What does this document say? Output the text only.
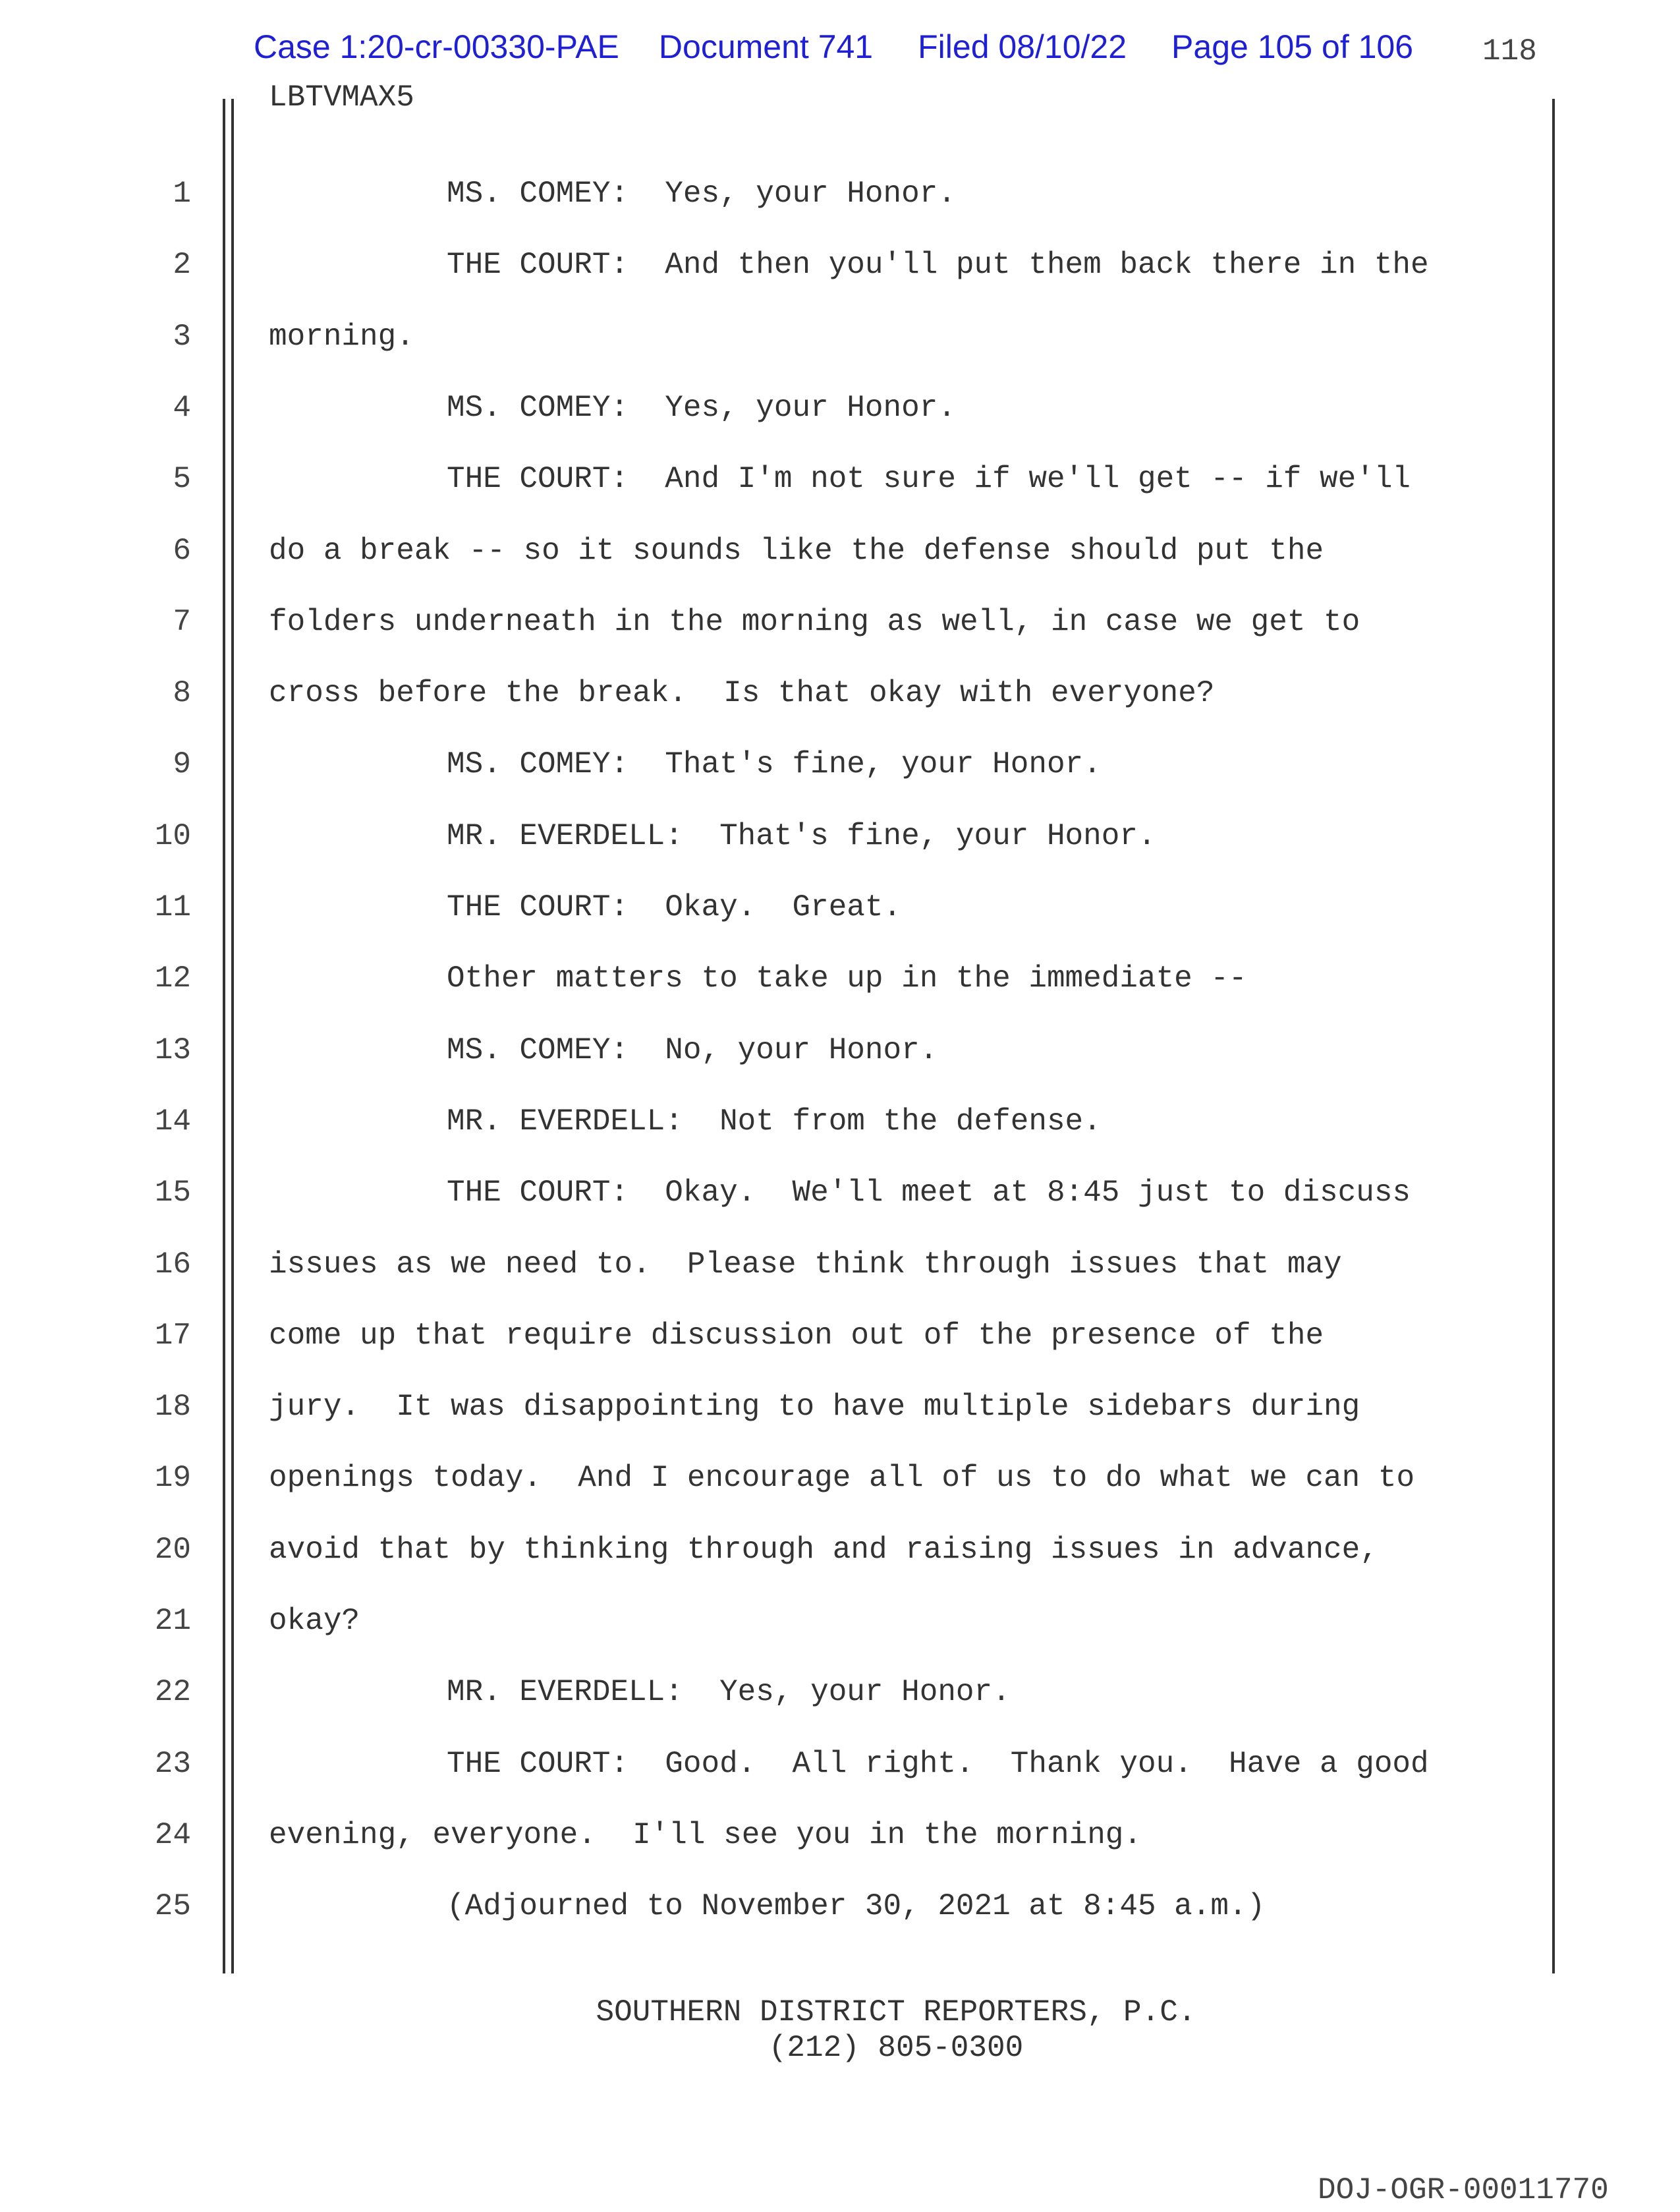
Case 1:20-cr-00330-PAE Document 741 Filed 08/10/22 Page 105 of 106 118
LBTVMAX5
1	MS. COMEY:  Yes, your Honor.
2	THE COURT:  And then you'll put them back there in the
3	morning.
4	MS. COMEY:  Yes, your Honor.
5	THE COURT:  And I'm not sure if we'll get -- if we'll
6	do a break -- so it sounds like the defense should put the
7	folders underneath in the morning as well, in case we get to
8	cross before the break.  Is that okay with everyone?
9	MS. COMEY:  That's fine, your Honor.
10	MR. EVERDELL:  That's fine, your Honor.
11	THE COURT:  Okay.  Great.
12	Other matters to take up in the immediate --
13	MS. COMEY:  No, your Honor.
14	MR. EVERDELL:  Not from the defense.
15	THE COURT:  Okay.  We'll meet at 8:45 just to discuss
16	issues as we need to.  Please think through issues that may
17	come up that require discussion out of the presence of the
18	jury.  It was disappointing to have multiple sidebars during
19	openings today.  And I encourage all of us to do what we can to
20	avoid that by thinking through and raising issues in advance,
21	okay?
22	MR. EVERDELL:  Yes, your Honor.
23	THE COURT:  Good.  All right.  Thank you.  Have a good
24	evening, everyone.  I'll see you in the morning.
25	(Adjourned to November 30, 2021 at 8:45 a.m.)
SOUTHERN DISTRICT REPORTERS, P.C.
(212) 805-0300
DOJ-OGR-00011770
